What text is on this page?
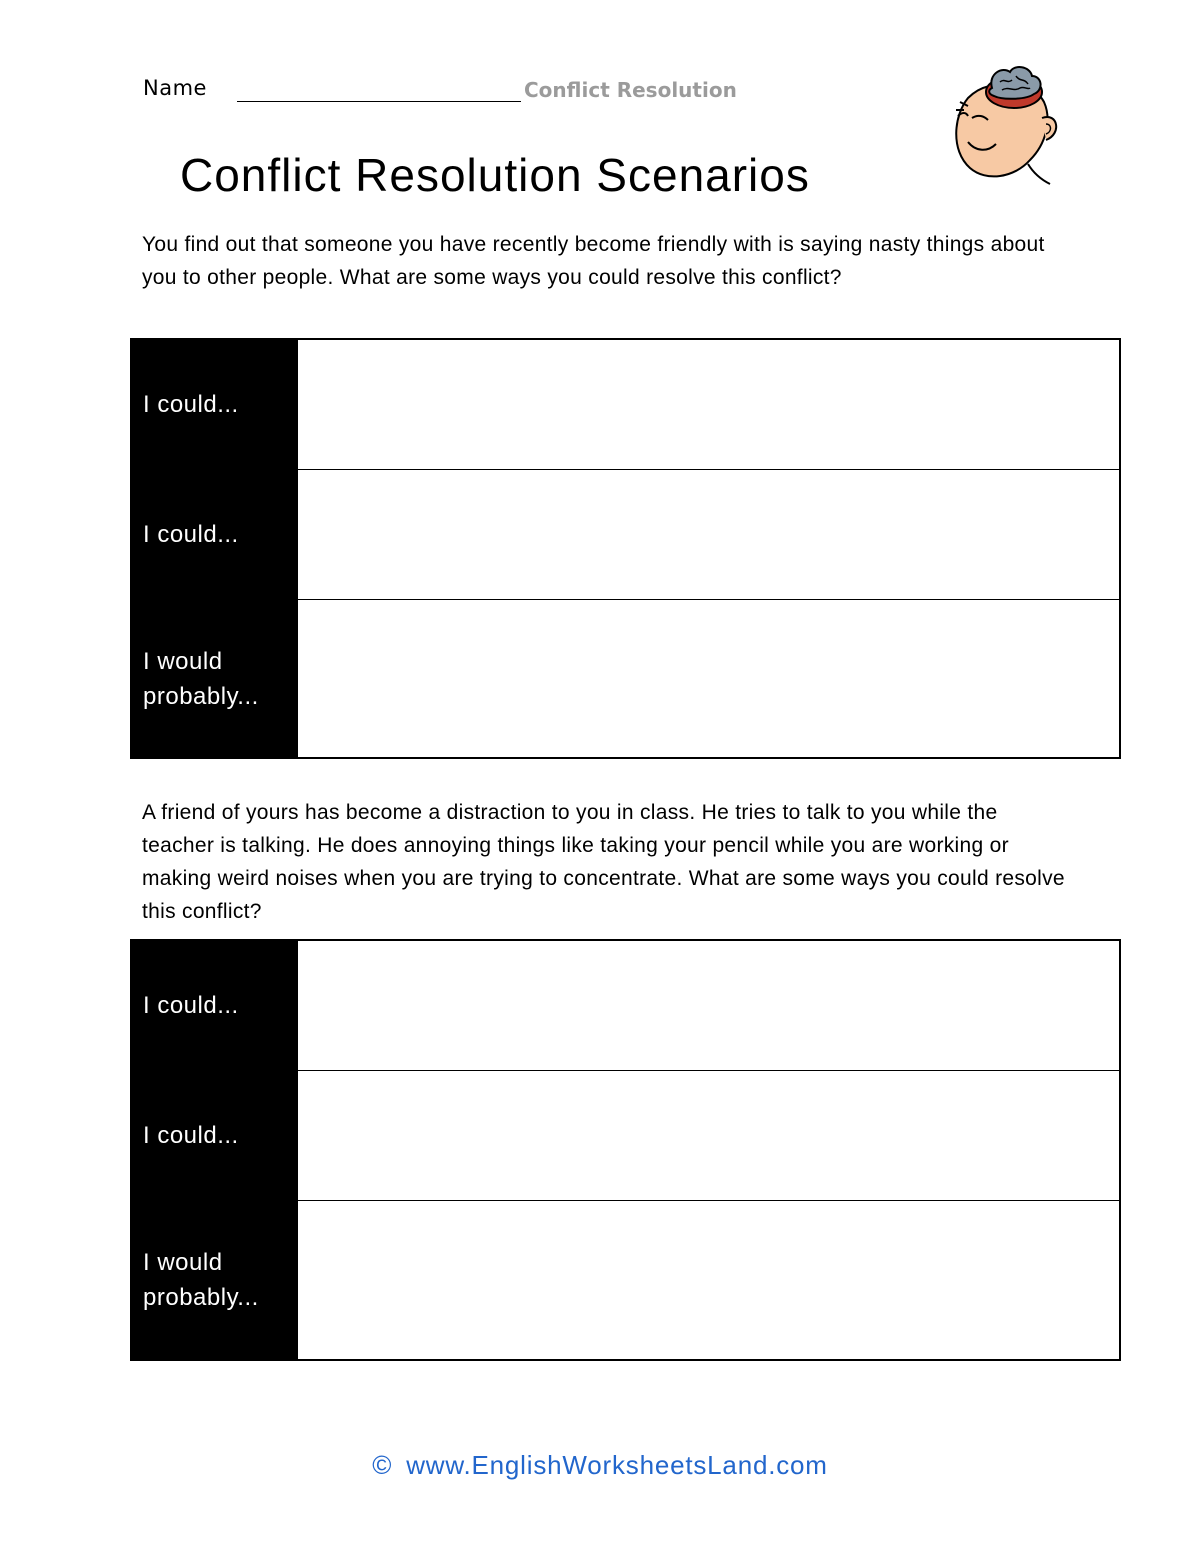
Name	Conflict Resolution
Conflict Resolution Scenarios
You find out that someone you have recently become friendly with is saying nasty things about you to other people. What are some ways you could resolve this conflict?
I could...
I could...
I would probably...
A friend of yours has become a distraction to you in class. He tries to talk to you while the teacher is talking. He does annoying things like taking your pencil while you are working or making weird noises when you are trying to concentrate. What are some ways you could resolve this conflict?
I could...
I could...
I would probably...
© www.EnglishWorksheetsLand.com
